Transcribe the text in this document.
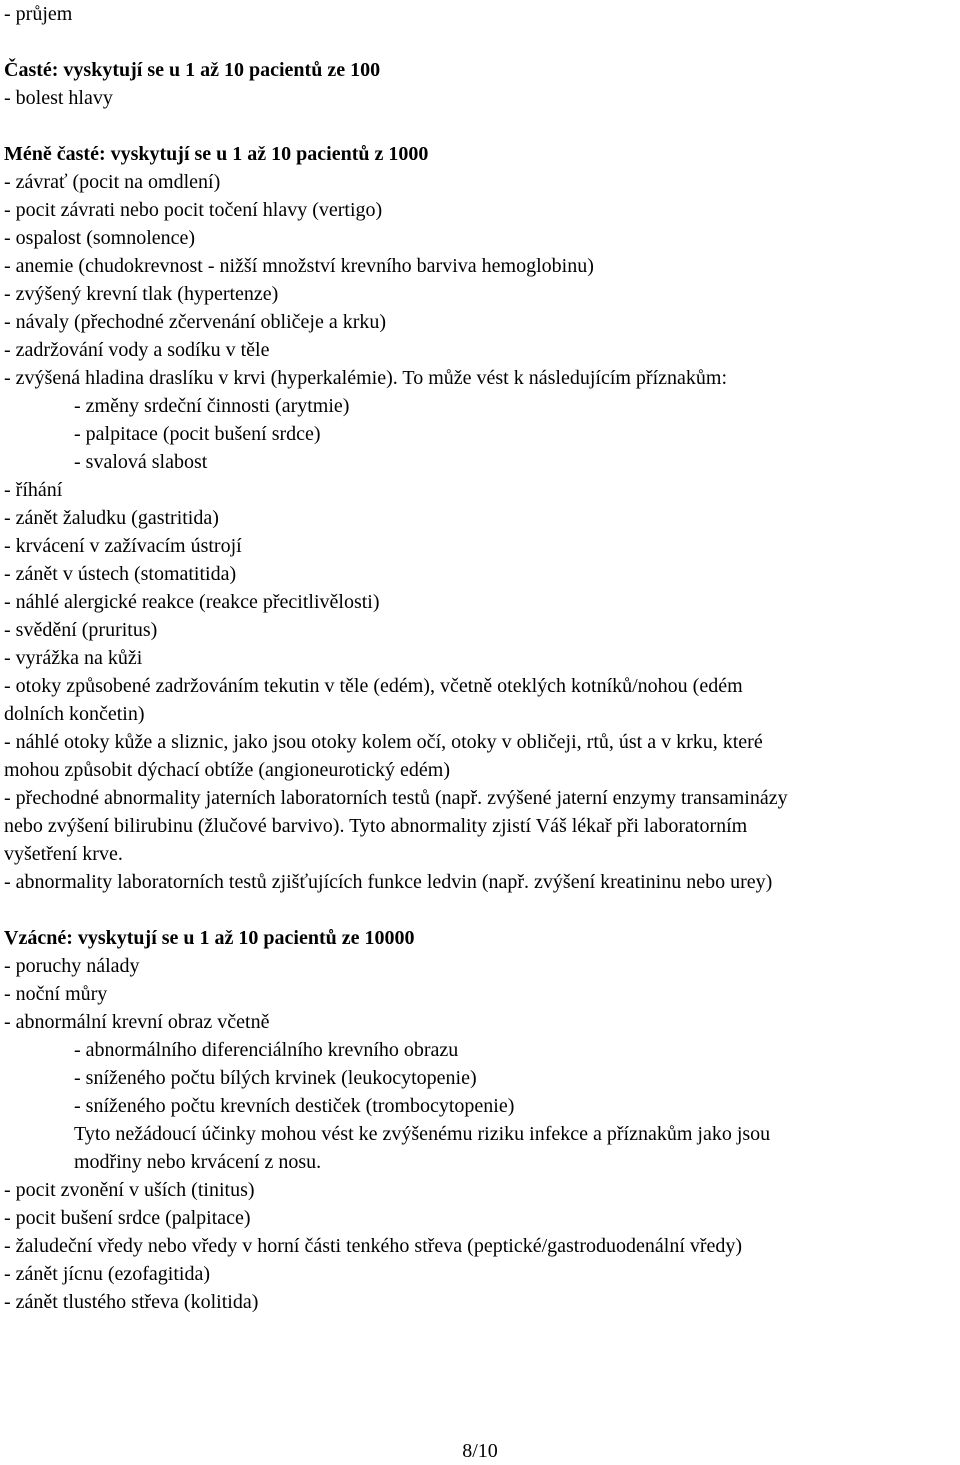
- průjem
Časté: vyskytují se u 1 až 10 pacientů ze 100
- bolest hlavy
Méně časté: vyskytují se u 1 až 10 pacientů z 1000
- závrať (pocit na omdlení)
- pocit závrati nebo pocit točení hlavy (vertigo)
- ospalost (somnolence)
- anemie (chudokrevnost - nižší množství krevního barviva hemoglobinu)
- zvýšený krevní tlak (hypertenze)
- návaly (přechodné zčervenání obličeje a krku)
- zadržování vody a sodíku v těle
- zvýšená hladina draslíku v krvi (hyperkalémie). To může vést k následujícím příznakům:
- změny srdeční činnosti (arytmie)
- palpitace (pocit bušení srdce)
- svalová slabost
- říhání
- zánět žaludku (gastritida)
- krvácení v zažívacím ústrojí
- zánět v ústech (stomatitida)
- náhlé alergické reakce (reakce přecitlivělosti)
- svědění (pruritus)
- vyrážka na kůži
- otoky způsobené zadržováním tekutin v těle (edém), včetně oteklých kotníků/nohou (edém
dolních končetin)
- náhlé otoky kůže a sliznic, jako jsou otoky kolem očí, otoky v obličeji, rtů, úst a v krku, které
mohou způsobit dýchací obtíže (angioneurotický edém)
- přechodné abnormality jaterních laboratorních testů (např. zvýšené jaterní enzymy transaminázy
nebo zvýšení bilirubinu (žlučové barvivo). Tyto abnormality zjistí Váš lékař při laboratorním
vyšetření krve.
- abnormality laboratorních testů zjišťujících funkce ledvin (např. zvýšení kreatininu nebo urey)
Vzácné: vyskytují se u 1 až 10 pacientů ze 10000
- poruchy nálady
- noční můry
- abnormální krevní obraz včetně
- abnormálního diferenciálního krevního obrazu
- sníženého počtu bílých krvinek (leukocytopenie)
- sníženého počtu krevních destiček (trombocytopenie)
Tyto nežádoucí účinky mohou vést ke zvýšenému riziku infekce a příznakům jako jsou
modřiny nebo krvácení z nosu.
- pocit zvonění v uších (tinitus)
- pocit bušení srdce (palpitace)
- žaludeční vředy nebo vředy v horní části tenkého střeva (peptické/gastroduodenální vředy)
- zánět jícnu (ezofagitida)
- zánět tlustého střeva (kolitida)
8/10
